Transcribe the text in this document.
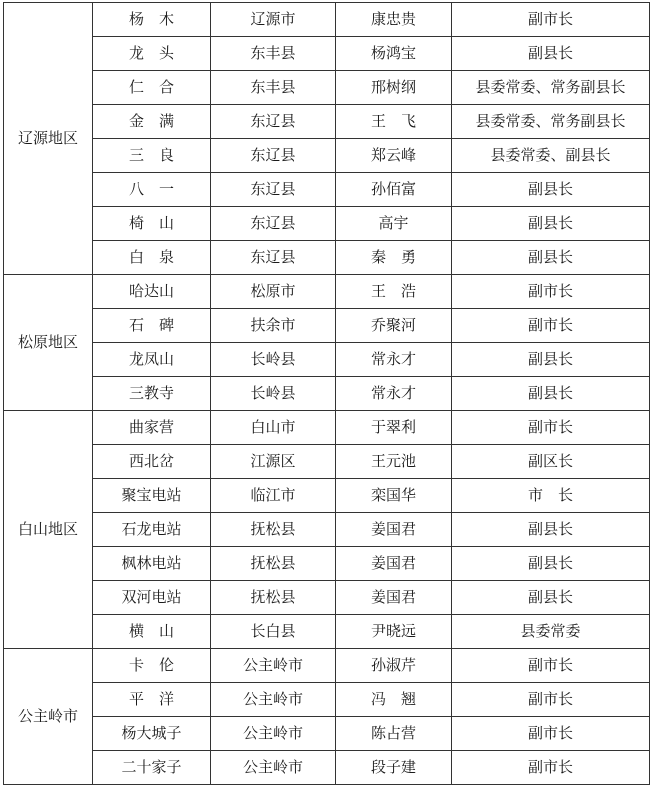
辽源地区	杨　木	辽源市	康忠贵	副市长
	龙　头	东丰县	杨鸿宝	副县长
	仁　合	东丰县	邢树纲	县委常委、常务副县长
	金　满	东辽县	王　飞	县委常委、常务副县长
	三　良	东辽县	郑云峰	县委常委、副县长
	八　一	东辽县	孙佰富	副县长
	椅　山	东辽县	高宇	副县长
	白　泉	东辽县	秦　勇	副县长
松原地区	哈达山	松原市	王　浩	副市长
	石　碑	扶余市	乔聚河	副市长
	龙凤山	长岭县	常永才	副县长
	三教寺	长岭县	常永才	副县长
白山地区	曲家营	白山市	于翠利	副市长
	西北岔	江源区	王元池	副区长
	聚宝电站	临江市	栾国华	市　长
	石龙电站	抚松县	姜国君	副县长
	枫林电站	抚松县	姜国君	副县长
	双河电站	抚松县	姜国君	副县长
	横　山	长白县	尹晓远	县委常委
公主岭市	卡　伦	公主岭市	孙淑芹	副市长
	平　洋	公主岭市	冯　翘	副市长
	杨大城子	公主岭市	陈占营	副市长
	二十家子	公主岭市	段子建	副市长
